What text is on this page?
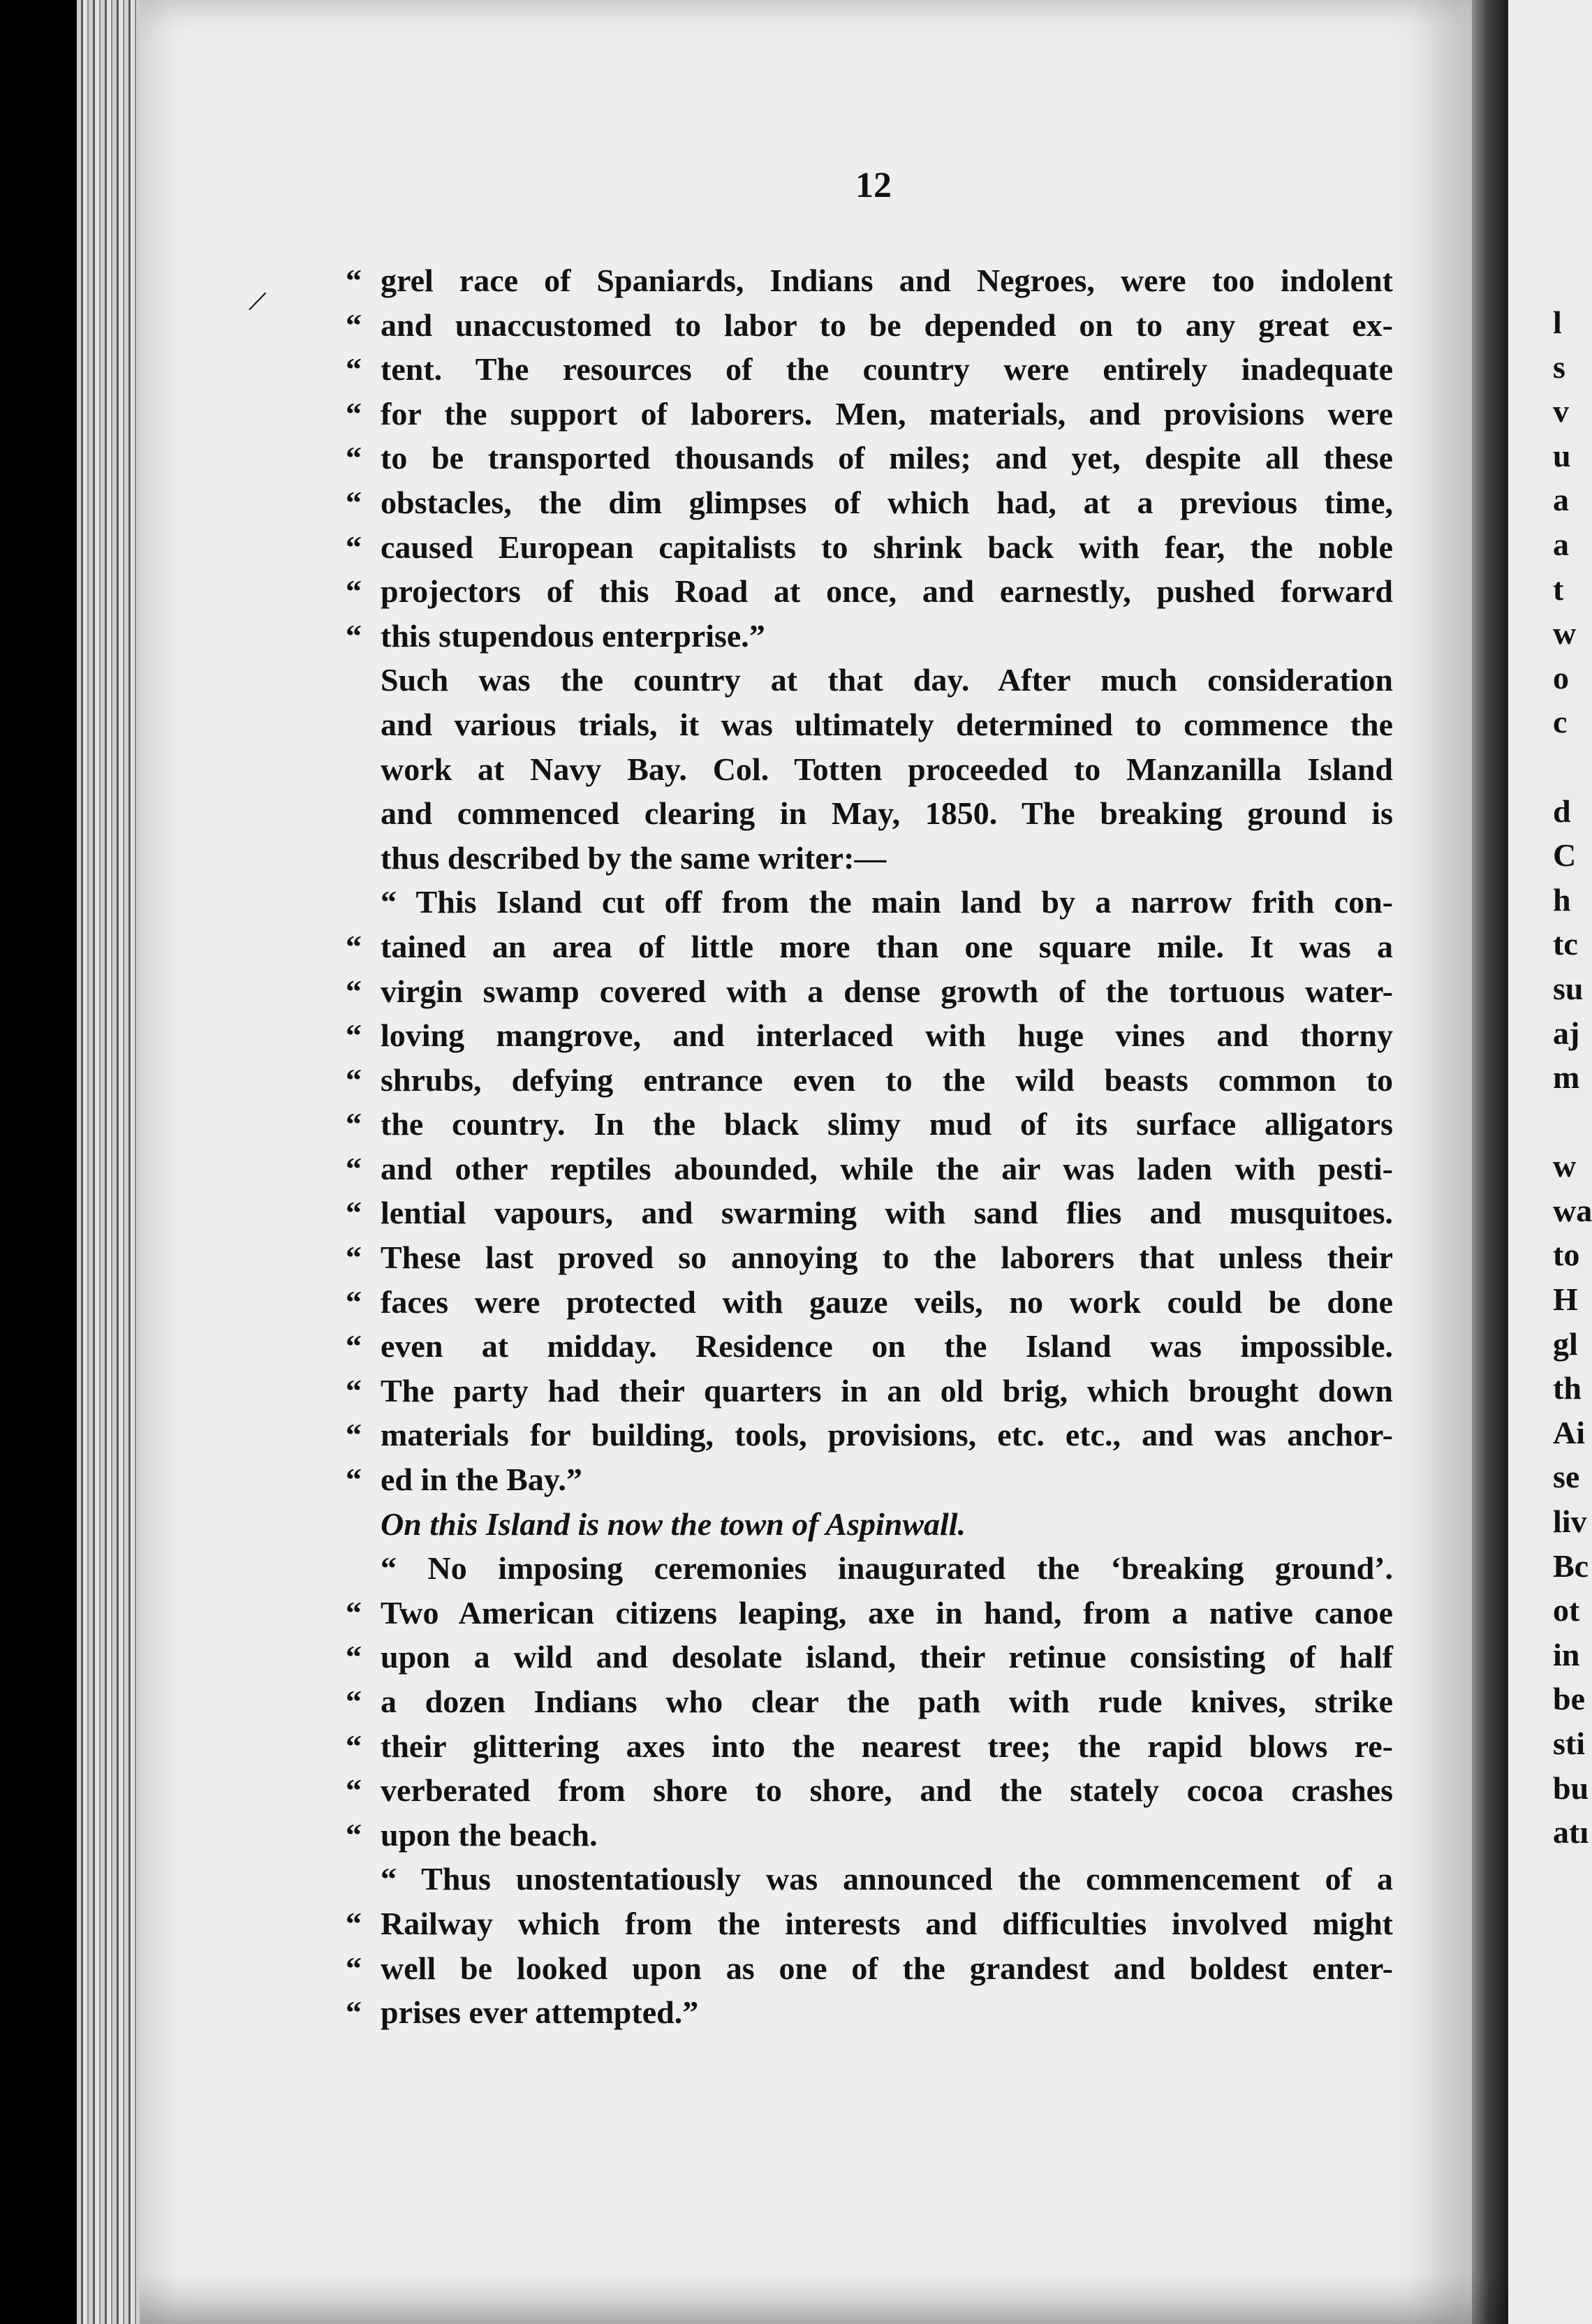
l
s
v
u
a
a
t
w
o
c
d
C
h
tc
su
aj
m
w
wa
to
H
gl
th
Ai
se
liv
Bc
ot
in
be
sti
bu
atı
12
/
“ grel race of Spaniards, Indians and Negroes, were too indolent
“ and unaccustomed to labor to be depended on to any great ex-
“ tent. The resources of the country were entirely inadequate
“ for the support of laborers. Men, materials, and provisions were
“ to be transported thousands of miles; and yet, despite all these
“ obstacles, the dim glimpses of which had, at a previous time,
“ caused European capitalists to shrink back with fear, the noble
“ projectors of this Road at once, and earnestly, pushed forward
“ this stupendous enterprise.”
Such was the country at that day. After much consideration
and various trials, it was ultimately determined to commence the
work at Navy Bay. Col. Totten proceeded to Manzanilla Island
and commenced clearing in May, 1850. The breaking ground is
thus described by the same writer:—
“ This Island cut off from the main land by a narrow frith con-
“ tained an area of little more than one square mile. It was a
“ virgin swamp covered with a dense growth of the tortuous water-
“ loving mangrove, and interlaced with huge vines and thorny
“ shrubs, defying entrance even to the wild beasts common to
“ the country. In the black slimy mud of its surface alligators
“ and other reptiles abounded, while the air was laden with pesti-
“ lential vapours, and swarming with sand flies and musquitoes.
“ These last proved so annoying to the laborers that unless their
“ faces were protected with gauze veils, no work could be done
“ even at midday. Residence on the Island was impossible.
“ The party had their quarters in an old brig, which brought down
“ materials for building, tools, provisions, etc. etc., and was anchor-
“ ed in the Bay.”
On this Island is now the town of Aspinwall.
“ No imposing ceremonies inaugurated the ‘breaking ground’.
“ Two American citizens leaping, axe in hand, from a native canoe
“ upon a wild and desolate island, their retinue consisting of half
“ a dozen Indians who clear the path with rude knives, strike
“ their glittering axes into the nearest tree; the rapid blows re-
“ verberated from shore to shore, and the stately cocoa crashes
“ upon the beach.
“ Thus unostentatiously was announced the commencement of a
“ Railway which from the interests and difficulties involved might
“ well be looked upon as one of the grandest and boldest enter-
“ prises ever attempted.”
